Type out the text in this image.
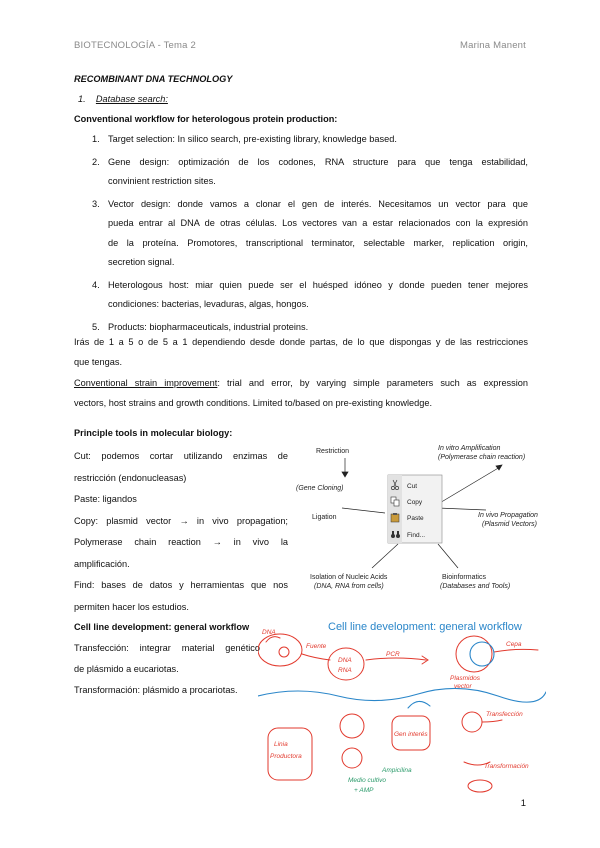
BIOTECNOLOGÍA - Tema 2	Marina Manent
RECOMBINANT DNA TECHNOLOGY
1. Database search:
Conventional workflow for heterologous protein production:
1. Target selection: In silico search, pre-existing library, knowledge based.
2. Gene design: optimización de los codones, RNA structure para que tenga estabilidad,
convinient restriction sites.
3. Vector design: donde vamos a clonar el gen de interés. Necesitamos un vector para que
pueda entrar al DNA de otras células. Los vectores van a estar relacionados con la expresión
de la proteína. Promotores, transcriptional terminator, selectable marker, replication origin,
secretion signal.
4. Heterologous host: miar quien puede ser el huésped idóneo y donde pueden tener mejores
condiciones: bacterias, levaduras, algas, hongos.
5. Products: biopharmaceuticals, industrial proteins.
Irás de 1 a 5 o de 5 a 1 dependiendo desde donde partas, de lo que dispongas y de las restricciones
que tengas.
Conventional strain improvement: trial and error, by varying simple parameters such as expression
vectors, host strains and growth conditions. Limited to/based on pre-existing knowledge.
Principle tools in molecular biology:
Cut: podemos cortar utilizando enzimas de
restricción (endonucleasas)
Paste: ligandos
Copy: plasmid vector → in vivo propagation;
Polymerase chain reaction → in vivo la
amplificación.
Find: bases de datos y herramientas que nos
permiten hacer los estudios.
Restriction
(Gene Cloning)
Ligation
In vitro Amplification
(Polymerase chain reaction)
In vivo Propagation
(Plasmid Vectors)
Isolation of Nucleic Acids
(DNA, RNA from cells)
Bioinformatics
(Databases and Tools)
Cut
Copy
Paste
Find...
Cell line development: general workflow
Transfección: integrar material genético
de plásmido a eucariotas.
Transformación: plásmido a procariotas.
Cell line development: general workflow
DNA
Fuente
DNA
RNA
PCR
Plasmidos
vector
Cepa
Linia
Productora
Transfección
Transformación
Gen interés
Medio cultivo
+ AMP
Ampicilina
1
